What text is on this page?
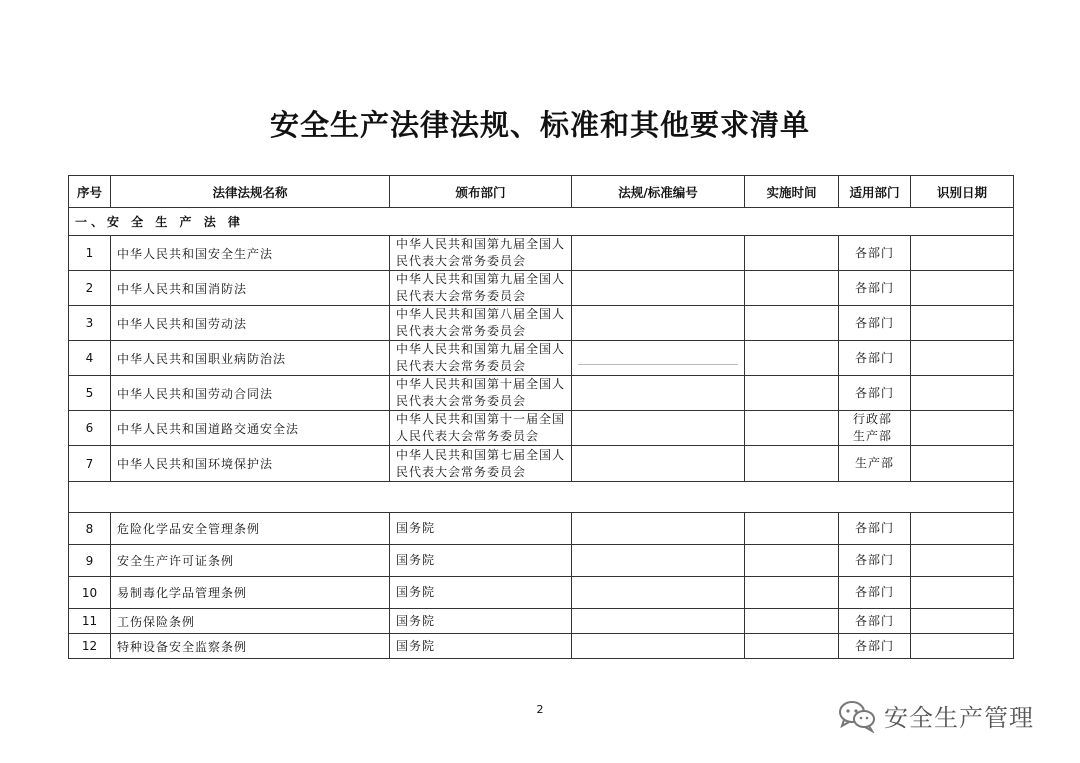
安全生产法律法规、标准和其他要求清单
序号	法律法规名称	颁布部门	法规/标准编号	实施时间	适用部门	识别日期
一、安 全 生 产 法 律						
1	中华人民共和国安全生产法	中华人民共和国第九届全国人民代表大会常务委员会			各部门	
2	中华人民共和国消防法	中华人民共和国第九届全国人民代表大会常务委员会			各部门	
3	中华人民共和国劳动法	中华人民共和国第八届全国人民代表大会常务委员会			各部门	
4	中华人民共和国职业病防治法	中华人民共和国第九届全国人民代表大会常务委员会			各部门	
5	中华人民共和国劳动合同法	中华人民共和国第十届全国人民代表大会常务委员会			各部门	
6	中华人民共和国道路交通安全法	中华人民共和国第十一届全国人民代表大会常务委员会			行政部生产部	
7	中华人民共和国环境保护法	中华人民共和国第七届全国人民代表大会常务委员会			生产部	

8	危险化学品安全管理条例	国务院			各部门	
9	安全生产许可证条例	国务院			各部门	
10	易制毒化学品管理条例	国务院			各部门	
11	工伤保险条例	国务院			各部门	
12	特种设备安全监察条例	国务院			各部门	
2	安全生产管理
